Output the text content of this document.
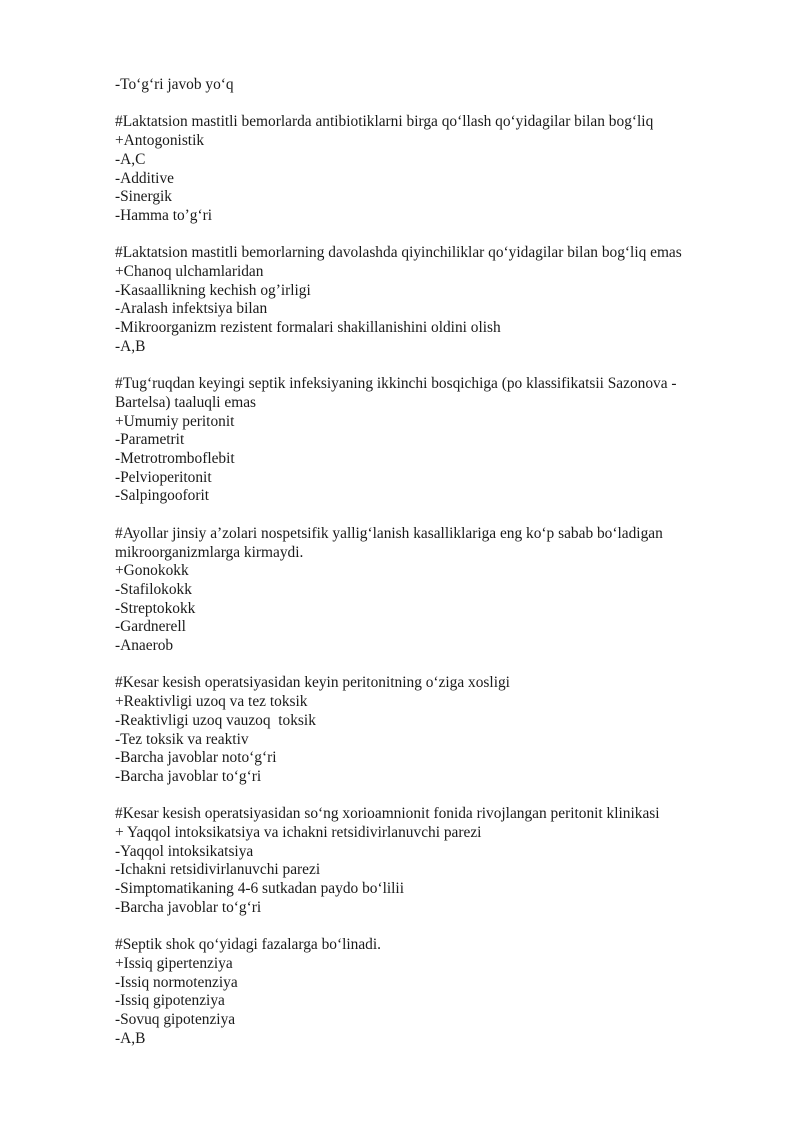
-To‘g‘ri javob yo‘q
#Laktatsion mastitli bemorlarda antibiotiklarni birga qo‘llash qo‘yidagilar bilan bog‘liq
+Antogonistik
-A,C
-Additive
-Sinergik
-Hamma to’g‘ri
#Laktatsion mastitli bemorlarning davolashda qiyinchiliklar qo‘yidagilar bilan bog‘liq emas
+Chanoq ulchamlaridan
-Kasaallikning kechish og’irligi
-Aralash infektsiya bilan
-Mikroorganizm rezistent formalari shakillanishini oldini olish
-A,B
#Tug‘ruqdan keyingi septik infeksiyaning ikkinchi bosqichiga (po klassifikatsii Sazonova -
Bartelsa) taaluqli emas
+Umumiy peritonit
-Parametrit
-Metrotromboflebit
-Pelvioperitonit
-Salpingooforit
#Ayollar jinsiy a’zolari nospetsifik yallig‘lanish kasalliklariga eng ko‘p sabab bo‘ladigan
mikroorganizmlarga kirmaydi.
+Gonokokk
-Stafilokokk
-Streptokokk
-Gardnerell
-Anaerob
#Kesar kesish operatsiyasidan keyin peritonitning o‘ziga xosligi
+Reaktivligi uzoq va tez toksik
-Reaktivligi uzoq vauzoq  toksik
-Tez toksik va reaktiv
-Barcha javoblar noto‘g‘ri
-Barcha javoblar to‘g‘ri
#Kesar kesish operatsiyasidan so‘ng xorioamnionit fonida rivojlangan peritonit klinikasi
+ Yaqqol intoksikatsiya va ichakni retsidivirlanuvchi parezi
-Yaqqol intoksikatsiya
-Ichakni retsidivirlanuvchi parezi
-Simptomatikaning 4-6 sutkadan paydo bo‘lilii
-Barcha javoblar to‘g‘ri
#Septik shok qo‘yidagi fazalarga bo‘linadi.
+Issiq gipertenziya
-Issiq normotenziya
-Issiq gipotenziya
-Sovuq gipotenziya
-A,B
